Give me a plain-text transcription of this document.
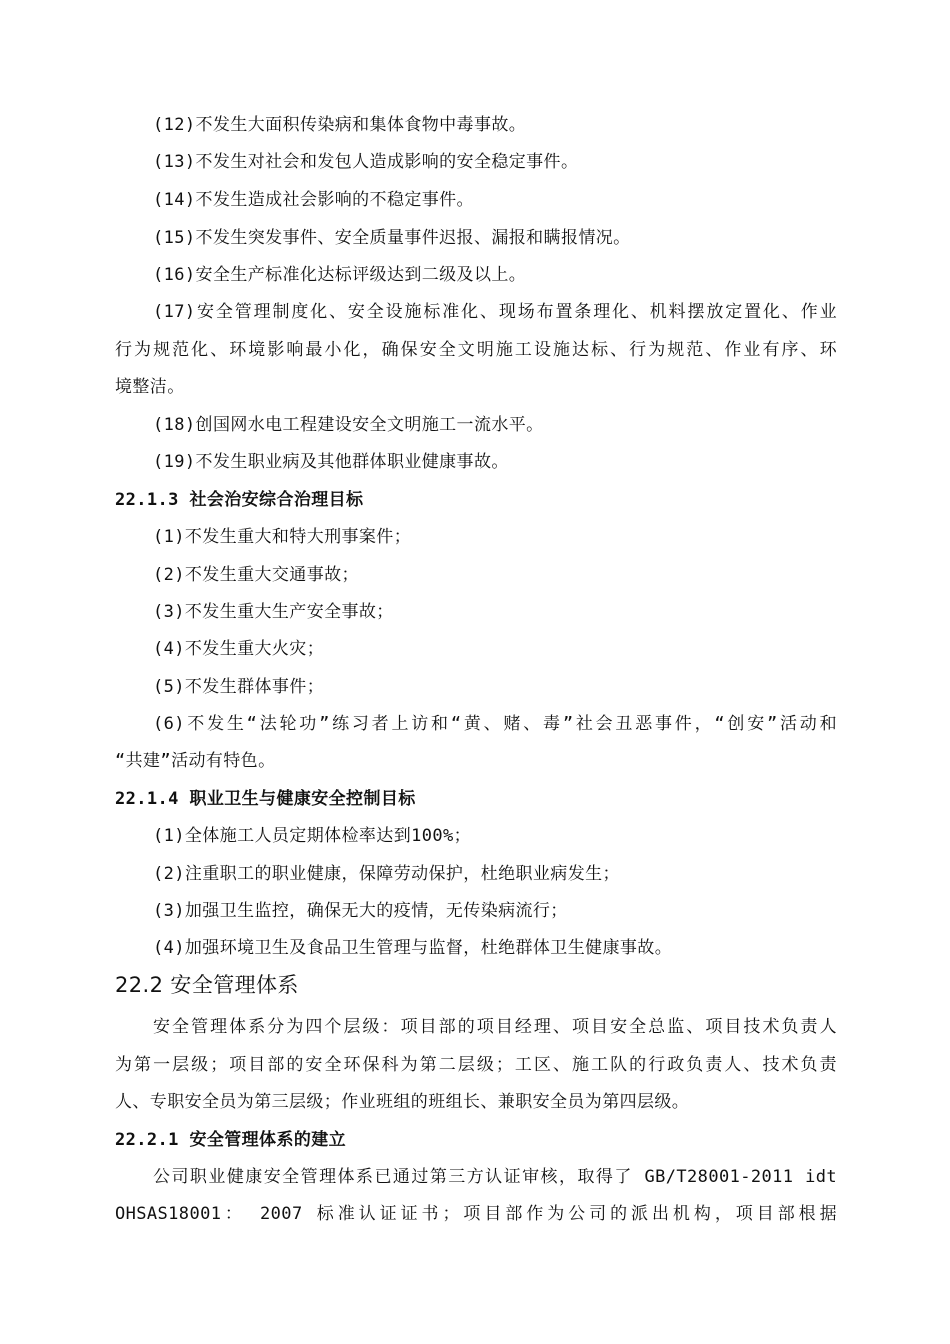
(12)不发生大面积传染病和集体食物中毒事故。
(13)不发生对社会和发包人造成影响的安全稳定事件。
(14)不发生造成社会影响的不稳定事件。
(15)不发生突发事件、安全质量事件迟报、漏报和瞒报情况。
(16)安全生产标准化达标评级达到二级及以上。
(17)安全管理制度化、安全设施标准化、现场布置条理化、机料摆放定置化、作业
行为规范化、环境影响最小化，确保安全文明施工设施达标、行为规范、作业有序、环
境整洁。
(18)创国网水电工程建设安全文明施工一流水平。
(19)不发生职业病及其他群体职业健康事故。
22.1.3 社会治安综合治理目标
(1)不发生重大和特大刑事案件；
(2)不发生重大交通事故；
(3)不发生重大生产安全事故；
(4)不发生重大火灾；
(5)不发生群体事件；
(6)不发生“法轮功”练习者上访和“黄、赌、毒”社会丑恶事件，“创安”活动和
“共建”活动有特色。
22.1.4 职业卫生与健康安全控制目标
(1)全体施工人员定期体检率达到100%；
(2)注重职工的职业健康，保障劳动保护，杜绝职业病发生；
(3)加强卫生监控，确保无大的疫情，无传染病流行；
(4)加强环境卫生及食品卫生管理与监督，杜绝群体卫生健康事故。
22.2 安全管理体系
安全管理体系分为四个层级：项目部的项目经理、项目安全总监、项目技术负责人
为第一层级；项目部的安全环保科为第二层级；工区、施工队的行政负责人、技术负责
人、专职安全员为第三层级；作业班组的班组长、兼职安全员为第四层级。
22.2.1 安全管理体系的建立
公司职业健康安全管理体系已通过第三方认证审核，取得了 GB/T28001-2011 idt
OHSAS18001： 2007 标准认证证书；项目部作为公司的派出机构，项目部根据
